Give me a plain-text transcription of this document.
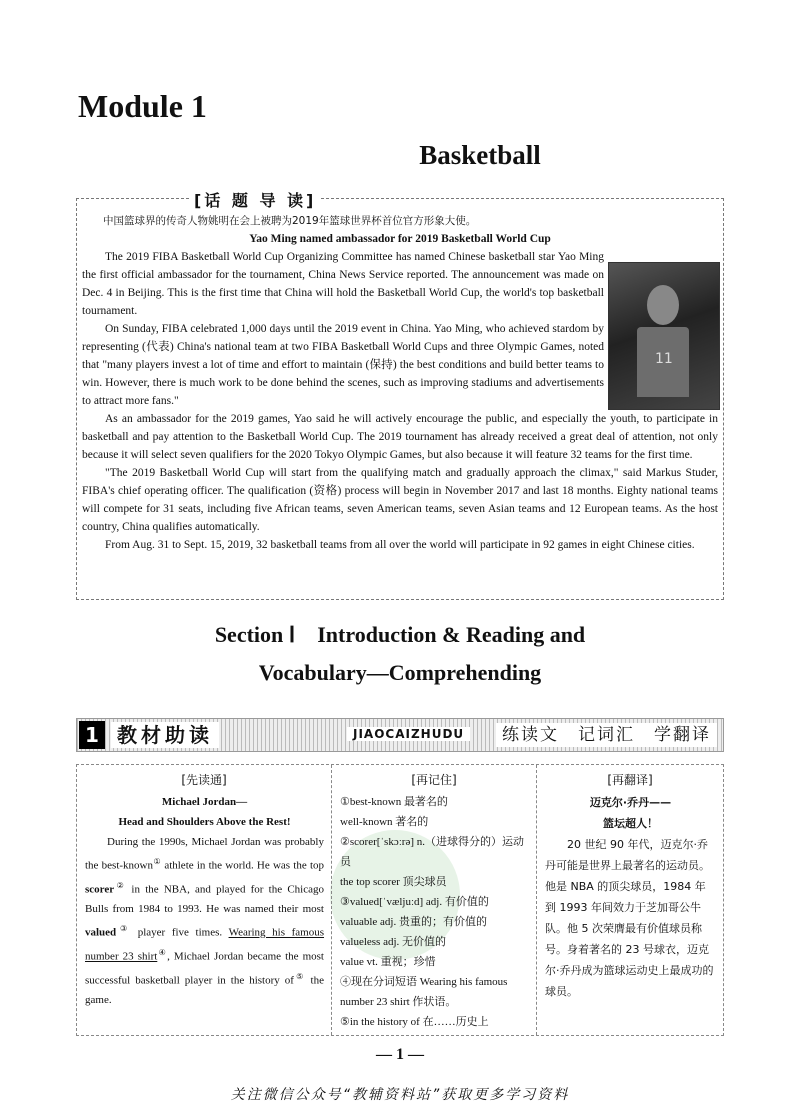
Module 1
Basketball
[话 题 导 读]

中国篮球界的传奇人物姚明在会上被聘为2019年篮球世界杯首位官方形象大使。

Yao Ming named ambassador for 2019 Basketball World Cup

The 2019 FIBA Basketball World Cup Organizing Committee has named Chinese basketball star Yao Ming the first official ambassador for the tournament, China News Service reported. The announcement was made on Dec. 4 in Beijing. This is the first time that China will hold the Basketball World Cup, the world's top basketball tournament.

On Sunday, FIBA celebrated 1,000 days until the 2019 event in China. Yao Ming, who achieved stardom by representing (代表) China's national team at two FIBA Basketball World Cups and three Olympic Games, noted that "many players invest a lot of time and effort to maintain (保持) the best conditions and build better teams to win. However, there is much work to be done behind the scenes, such as improving stadiums and advertisements to attract more fans."

As an ambassador for the 2019 games, Yao said he will actively encourage the public, and especially the youth, to participate in basketball and pay attention to the Basketball World Cup. The 2019 tournament has already received a great deal of attention, not only because it will select seven qualifiers for the 2020 Tokyo Olympic Games, but also because it will feature 32 teams for the first time.

"The 2019 Basketball World Cup will start from the qualifying match and gradually approach the climax," said Markus Studer, FIBA's chief operating officer. The qualification (资格) process will begin in November 2017 and last 18 months. Eighty national teams will compete for 31 seats, including five African teams, seven American teams, seven Asian teams and 12 European teams. As the host country, China qualifies automatically.

From Aug. 31 to Sept. 15, 2019, 32 basketball teams from all over the world will participate in 92 games in eight Chinese cities.

11
Section Ⅰ　Introduction & Reading and
Vocabulary—Comprehending
1 教材助读	JIAOCAIZHUDU	练读文　记词汇　学翻译
[先读通]
Michael Jordan—
Head and Shoulders Above the Rest!
During the 1990s, Michael Jordan was probably the best-known① athlete in the world. He was the top scorer② in the NBA, and played for the Chicago Bulls from 1984 to 1993. He was named their most valued③ player five times. Wearing his famous number 23 shirt④, Michael Jordan became the most successful basketball player in the history of⑤ the game.
[再记住]
①best-known 最著名的
well-known 著名的
②scorer[ˈskɔːrə] n.（进球得分的）运动员
the top scorer 顶尖球员
③valued[ˈvæljuːd] adj. 有价值的
valuable adj. 贵重的；有价值的
valueless adj. 无价值的
value vt. 重视；珍惜
④现在分词短语 Wearing his famous number 23 shirt 作状语。
⑤in the history of 在……历史上
[再翻译]
迈克尔·乔丹——
篮坛超人！
20 世纪 90 年代，迈克尔·乔丹可能是世界上最著名的运动员。他是 NBA 的顶尖球员，1984 年到 1993 年间效力于芝加哥公牛队。他 5 次荣膺最有价值球员称号。身着著名的 23 号球衣，迈克尔·乔丹成为篮球运动史上最成功的球员。
— 1 —
关注微信公众号“教辅资料站”获取更多学习资料
